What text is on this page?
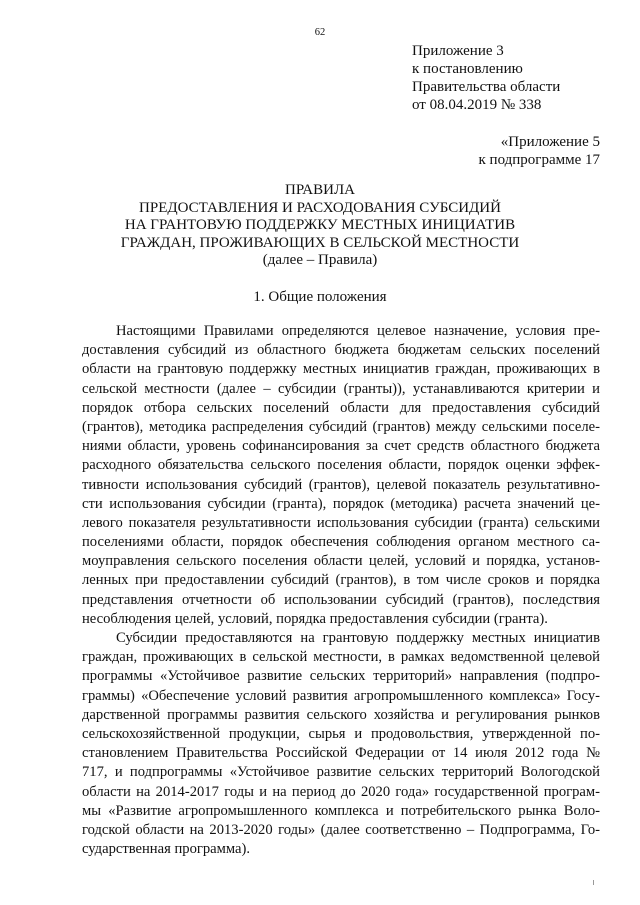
62
Приложение 3
к постановлению
Правительства области
от 08.04.2019 № 338
«Приложение 5
к подпрограмме 17
ПРАВИЛА
ПРЕДОСТАВЛЕНИЯ И РАСХОДОВАНИЯ СУБСИДИЙ
НА ГРАНТОВУЮ ПОДДЕРЖКУ МЕСТНЫХ ИНИЦИАТИВ
ГРАЖДАН, ПРОЖИВАЮЩИХ В СЕЛЬСКОЙ МЕСТНОСТИ
(далее – Правила)
1. Общие положения
Настоящими Правилами определяются целевое назначение, условия пре-
доставления субсидий из областного бюджета бюджетам сельских поселений
области на грантовую поддержку местных инициатив граждан, проживающих в
сельской местности (далее – субсидии (гранты)), устанавливаются критерии и
порядок отбора сельских поселений области для предоставления субсидий
(грантов), методика распределения субсидий (грантов) между сельскими поселе-
ниями области, уровень софинансирования за счет средств областного бюджета
расходного обязательства сельского поселения области, порядок оценки эффек-
тивности использования субсидий (грантов), целевой показатель результативно-
сти использования субсидии (гранта), порядок (методика) расчета значений це-
левого показателя результативности использования субсидии (гранта) сельскими
поселениями области, порядок обеспечения соблюдения органом местного са-
моуправления сельского поселения области целей, условий и порядка, установ-
ленных при предоставлении субсидий (грантов), в том числе сроков и порядка
представления отчетности об использовании субсидий (грантов), последствия
несоблюдения целей, условий, порядка предоставления субсидии (гранта).
Субсидии предоставляются на грантовую поддержку местных инициатив
граждан, проживающих в сельской местности, в рамках ведомственной целевой
программы «Устойчивое развитие сельских территорий» направления (подпро-
граммы) «Обеспечение условий развития агропромышленного комплекса» Госу-
дарственной программы развития сельского хозяйства и регулирования рынков
сельскохозяйственной продукции, сырья и продовольствия, утвержденной по-
становлением Правительства Российской Федерации от 14 июля 2012 года №
717, и подпрограммы «Устойчивое развитие сельских территорий Вологодской
области на 2014-2017 годы и на период до 2020 года» государственной програм-
мы «Развитие агропромышленного комплекса и потребительского рынка Воло-
годской области на 2013-2020 годы» (далее соответственно – Подпрограмма, Го-
сударственная программа).
